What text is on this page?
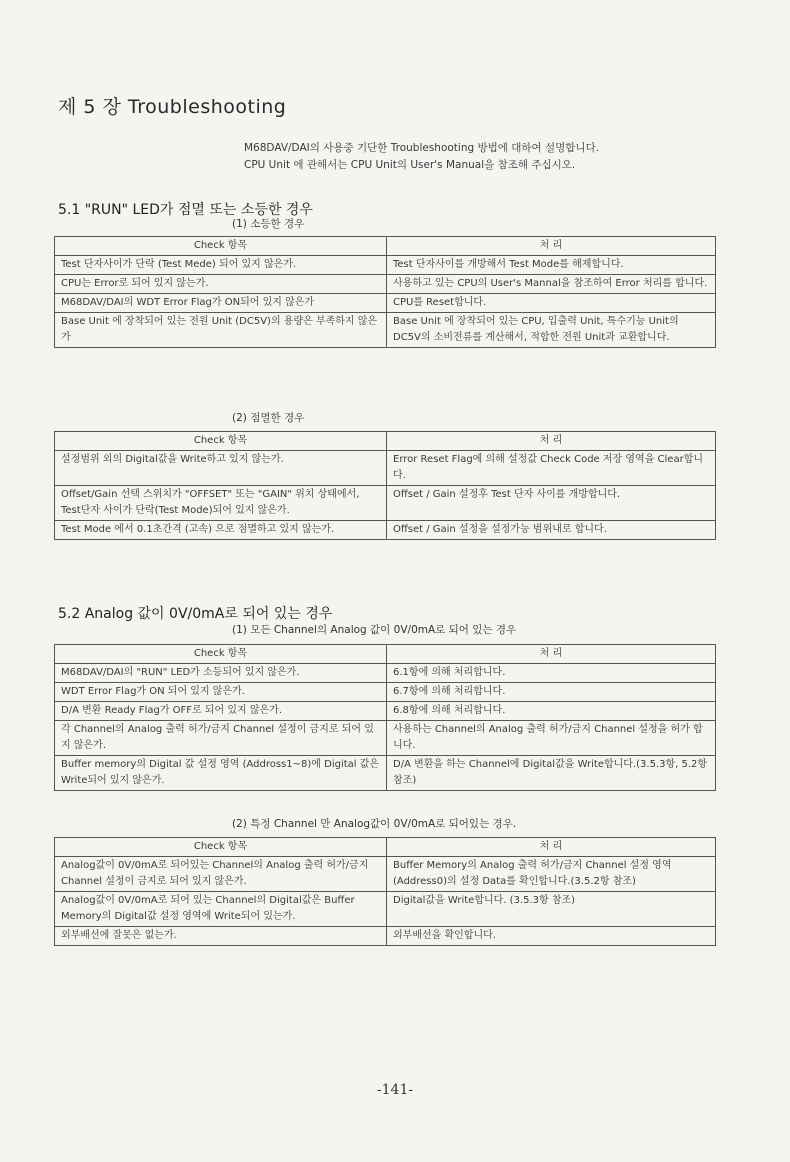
제 5 장 Troubleshooting
M68DAV/DAI의 사용중 기단한 Troubleshooting 방법에 대하여 설명합니다.
CPU Unit 에 관해서는 CPU Unit의 User's Manual을 참조해 주십시오.
5.1 "RUN" LED가 점멸 또는 소등한 경우
(1) 소등한 경우
Check 항목	처 리
Test 단자사이가 단락 (Test Mede) 되어 있지 않은가.	Test 단자사이를 개방해서 Test Mode를 해제합니다.
CPU는 Error로 되어 있지 않는가.	사용하고 있는 CPU의 User's Mannal을 참조하여 Error 처리를 합니다.
M68DAV/DAI의 WDT Error Flag가 ON되어 있지 않은가	CPU를 Reset합니다.
Base Unit 에 장착되어 있는 전원 Unit (DC5V)의 용량은 부족하지 않은가	Base Unit 에 장착되어 있는 CPU, 입출력 Unit, 특수기능 Unit의 DC5V의 소비전류를 계산해서, 적합한 전원 Unit과 교환합니다.
(2) 점멸한 경우
Check 항목	처 리
설정범위 외의 Digital값을 Write하고 있지 않는가.	Error Reset Flag에 의해 설정값 Check Code 저장 영역을 Clear합니다.
Offset/Gain 선택 스위치가 "OFFSET" 또는 "GAIN" 위치 상태에서, Test단자 사이가 단락(Test Mode)되어 있지 않은가.	Offset / Gain 설정후 Test 단자 사이를 개방합니다.
Test Mode 에서 0.1초간격 (고속) 으로 점멸하고 있지 않는가.	Offset / Gain 설정을 설정가능 범위내로 합니다.
5.2 Analog 값이 0V/0mA로 되어 있는 경우
(1) 모든 Channel의 Analog 값이 0V/0mA로 되어 있는 경우
Check 항목	처 리
M68DAV/DAI의 "RUN" LED가 소등되어 있지 않은가.	6.1항에 의해 처리합니다.
WDT Error Flag가 ON 되어 있지 않은가.	6.7항에 의해 처리합니다.
D/A 변환 Ready Flag가 OFF로 되어 있지 않은가.	6.8항에 의해 처리합니다.
각 Channel의 Analog 출력 허가/금지 Channel 설정이 금지로 되어 있지 않은가.	사용하는 Channel의 Analog 출력 허가/금지 Channel 설정을 허가 합니다.
Buffer memory의 Digital 값 설정 영역 (Addross1~8)에 Digital 값은 Write되어 있지 않은가.	D/A 변환을 하는 Channel에 Digital값을 Write합니다.(3.5.3항, 5.2항 참조)
(2) 특정 Channel 만 Analog값이 0V/0mA로 되어있는 경우.
Check 항목	처 리
Analog값이 0V/0mA로 되어있는 Channel의 Analog 출력 허가/금지 Channel 설정이 금지로 되어 있지 않은가.	Buffer Memory의 Analog 출력 허가/금지 Channel 설정 영역(Address0)의 설정 Data를 확인합니다.(3.5.2항 참조)
Analog값이 0V/0mA로 되어 있는 Channel의 Digital값은 Buffer Memory의 Digital값 설정 영역에 Write되어 있는가.	Digital값을 Write합니다. (3.5.3항 참조)
외부배선에 잘못은 없는가.	외부배선을 확인합니다.
-141-
